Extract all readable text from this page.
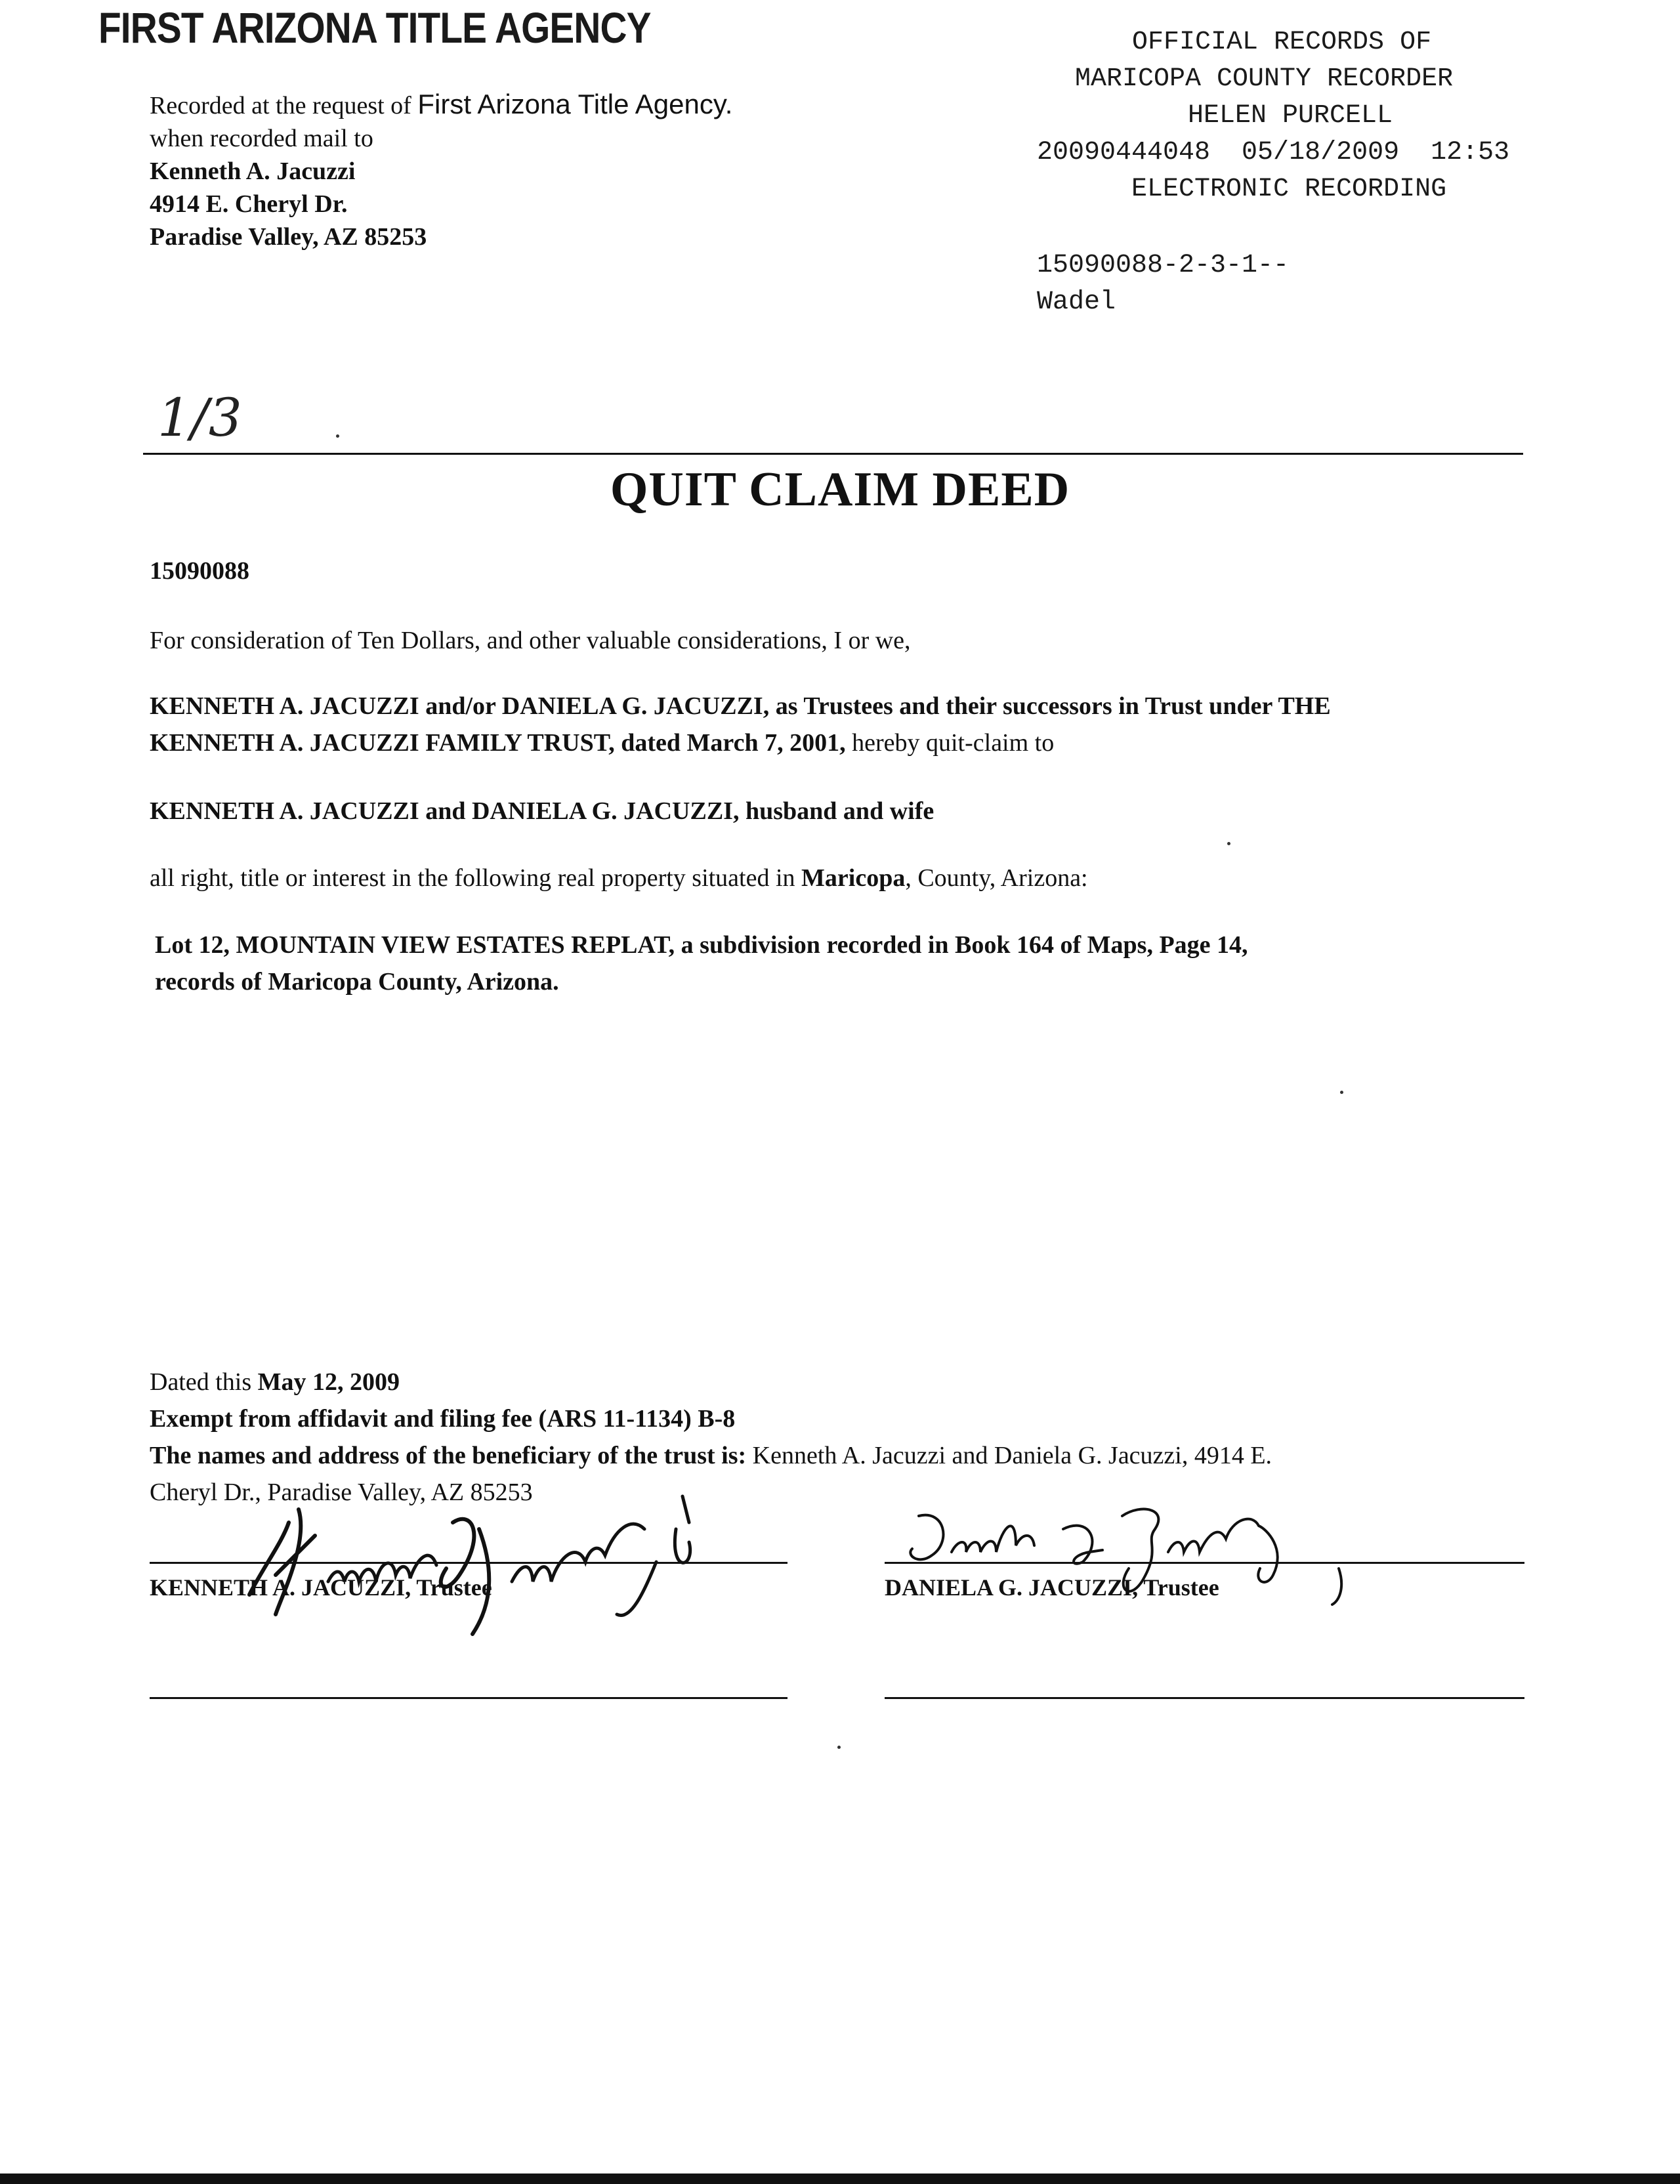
FIRST ARIZONA TITLE AGENCY
Recorded at the request of First Arizona Title Agency.
when recorded mail to
Kenneth A. Jacuzzi
4914 E. Cheryl Dr.
Paradise Valley, AZ 85253
OFFICIAL RECORDS OF
MARICOPA COUNTY RECORDER
HELEN PURCELL
20090444048  05/18/2009  12:53
ELECTRONIC RECORDING
15090088-2-3-1--
Wadel
1/3
QUIT CLAIM DEED
15090088
For consideration of Ten Dollars, and other valuable considerations, I or we,
KENNETH A. JACUZZI and/or DANIELA G. JACUZZI, as Trustees and their successors in Trust under THE
KENNETH A. JACUZZI FAMILY TRUST, dated March 7, 2001, hereby quit-claim to
KENNETH A. JACUZZI and DANIELA G. JACUZZI, husband and wife
all right, title or interest in the following real property situated in Maricopa, County, Arizona:
Lot 12, MOUNTAIN VIEW ESTATES REPLAT, a subdivision recorded in Book 164 of Maps, Page 14,
records of Maricopa County, Arizona.
Dated this May 12, 2009
Exempt from affidavit and filing fee (ARS 11-1134) B-8
The names and address of the beneficiary of the trust is: Kenneth A. Jacuzzi and Daniela G. Jacuzzi, 4914 E.
Cheryl Dr., Paradise Valley, AZ 85253
KENNETH A. JACUZZI, Trustee	DANIELA G. JACUZZI, Trustee
